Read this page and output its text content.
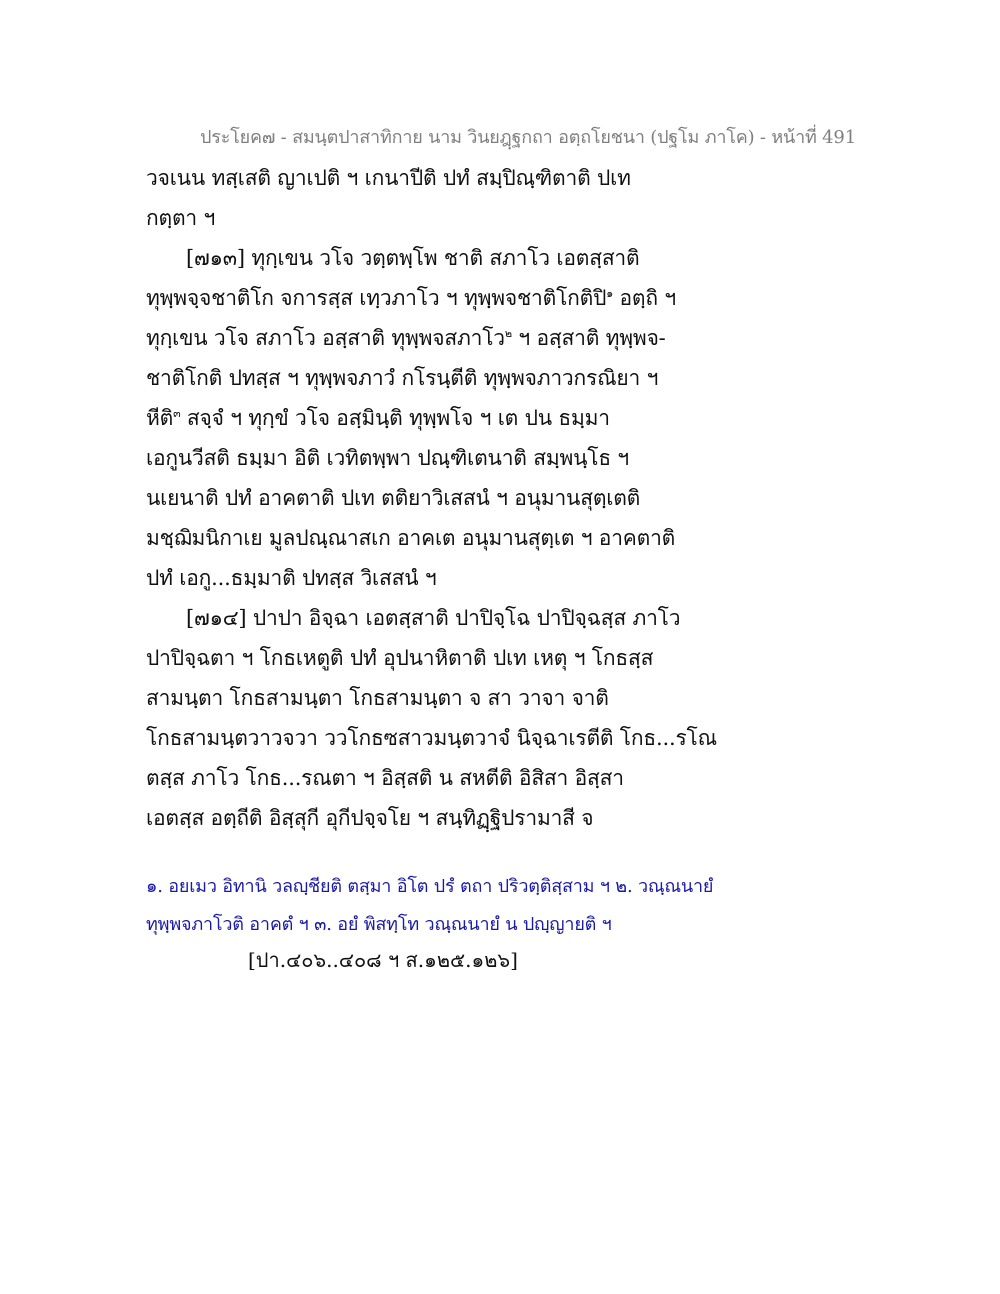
ประโยค๗ - สมนฺตปาสาทิกาย นาม วินยฎฺฐกถา อตฺถโยชนา (ปฐโม ภาโค) - หน้าที่ 491
วจเนน ทสฺเสติ ญาเปติ ฯ เกนาปีติ ปทํ สมฺปิณฺฑิตาติ ปเท
กตฺตา ฯ
[๗๑๓] ทุกฺเขน วโจ วตฺตพฺโพ ชาติ สภาโว เอตสฺสาติ
ทุพฺพจฺจชาติโก จการสฺส เทฺวภาโว ฯ ทุพฺพจชาติโกติปิ$^๑$ อตฺถิ ฯ
ทุกฺเขน วโจ สภาโว อสฺสาติ ทุพฺพจสภาโว$^๒$ ฯ อสฺสาติ ทุพฺพจ-
ชาติโกติ ปทสฺส ฯ ทุพฺพจภาวํ กโรนฺตีติ ทุพฺพจภาวกรณิยา ฯ
หีติ$^๓$ สจฺจํ ฯ ทุกฺขํ วโจ อสฺมินฺติ ทุพฺพโจ ฯ เต ปน ธมฺมา
เอกูนวีสติ ธมฺมา อิติ เวทิตพฺพา ปณฺฑิเตนาติ สมฺพนฺโธ ฯ
นเยนาติ ปทํ อาคตาติ ปเท ตติยาวิเสสนํ ฯ อนุมานสุตฺเตติ
มชฺฌิมนิกาเย มูลปณฺณาสเก อาคเต อนุมานสุตฺเต ฯ อาคตาติ
ปทํ เอกู...ธมฺมาติ ปทสฺส วิเสสนํ ฯ
[๗๑๔] ปาปา อิจฺฉา เอตสฺสาติ ปาปิจฺโฉ ปาปิจฺฉสฺส ภาโว
ปาปิจฺฉตา ฯ โกธเหตูติ ปทํ อุปนาหิตาติ ปเท เหตุ ฯ โกธสฺส
สามนฺตา โกธสามนฺตา โกธสามนฺตา จ สา วาจา จาติ
โกธสามนฺตวาวจวา ววโกธซสาวมนฺตวาจํ นิจฺฉาเรตีติ โกธ...รโณ
ตสฺส ภาโว โกธ...รณตา ฯ อิสฺสติ น สหตีติ อิสิสา อิสฺสา
เอตสฺส อตฺถีติ อิสฺสุกี อุกีปจฺจโย ฯ สนฺทิฏฺฐิปรามาสี จ
๑. อยเมว อิทานิ วลญฺชียติ ตสฺมา อิโต ปรํ ตถา ปริวตฺติสฺสาม ฯ ๒. วณฺณนายํ
ทุพฺพจภาโวติ อาคตํ ฯ ๓. อยํ พิสทฺโท วณฺณนายํ น ปญฺญายติ ฯ
[ปา.๔๐๖..๔๐๘ ฯ ส.๑๒๕.๑๒๖]
